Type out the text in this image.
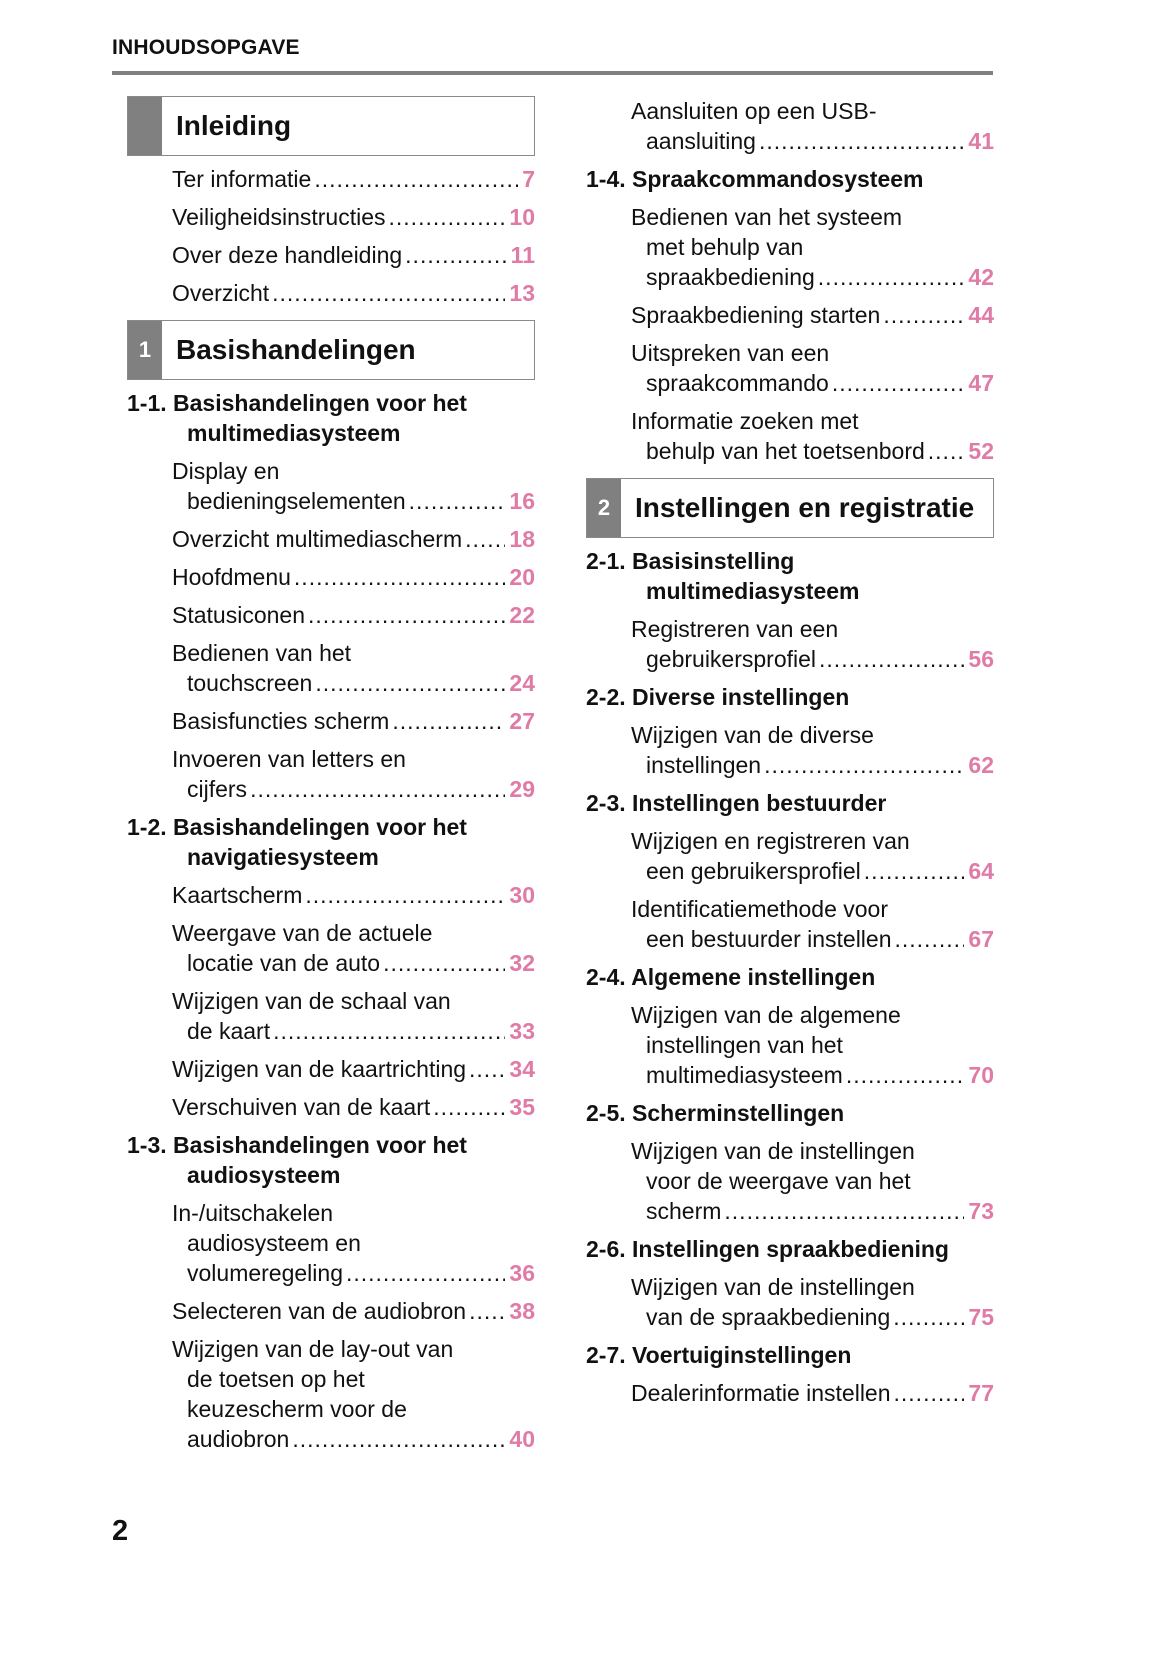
INHOUDSOPGAVE
Inleiding
Ter informatie .....	7
Veiligheidsinstructies .....	10
Over deze handleiding .....	11
Overzicht .....	13
1 Basishandelingen
1-1. Basishandelingen voor het
multimediasysteem
Display en
bedieningselementen .....	16
Overzicht multimediascherm ..... 18
Hoofdmenu .....	20
Statusiconen .....	22
Bedienen van het
touchscreen .....	24
Basisfuncties scherm .....	27
Invoeren van letters en
cijfers .....	29
1-2. Basishandelingen voor het
navigatiesysteem
Kaartscherm .....	30
Weergave van de actuele
locatie van de auto .....	32
Wijzigen van de schaal van
de kaart .....	33
Wijzigen van de kaartrichting ..... 34
Verschuiven van de kaart .....	35
1-3. Basishandelingen voor het
audiosysteem
In-/uitschakelen
audiosysteem en
volumeregeling .....	36
Selecteren van de audiobron ..... 38
Wijzigen van de lay-out van
de toetsen op het
keuzescherm voor de
audiobron .....	40
Aansluiten op een USB-
aansluiting .....	41
1-4. Spraakcommandosysteem
Bedienen van het systeem
met behulp van
spraakbediening .....	42
Spraakbediening starten .....	44
Uitspreken van een
spraakcommando .....	47
Informatie zoeken met
behulp van het toetsenbord ..... 52
2 Instellingen en registratie
2-1. Basisinstelling
multimediasysteem
Registreren van een
gebruikersprofiel .....	56
2-2. Diverse instellingen
Wijzigen van de diverse
instellingen .....	62
2-3. Instellingen bestuurder
Wijzigen en registreren van
een gebruikersprofiel .....	64
Identificatiemethode voor
een bestuurder instellen .....	67
2-4. Algemene instellingen
Wijzigen van de algemene
instellingen van het
multimediasysteem .....	70
2-5. Scherminstellingen
Wijzigen van de instellingen
voor de weergave van het
scherm .....	73
2-6. Instellingen spraakbediening
Wijzigen van de instellingen
van de spraakbediening .....	75
2-7. Voertuiginstellingen
Dealerinformatie instellen .....	77
2
